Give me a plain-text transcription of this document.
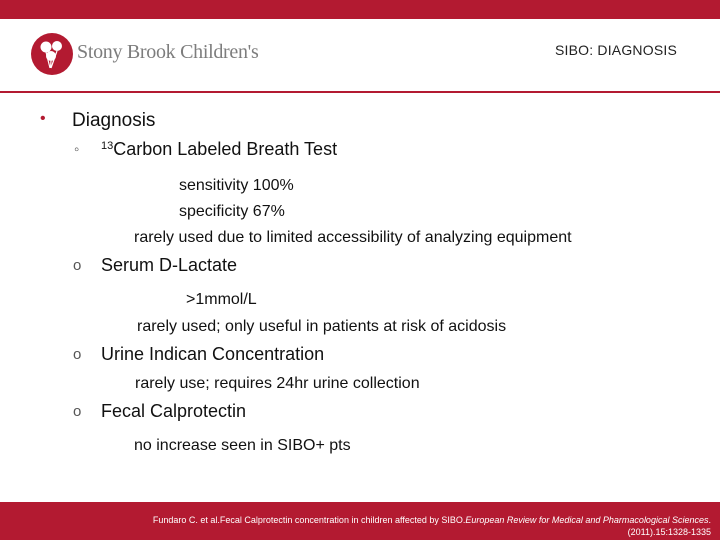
Stony Brook Children's	SIBO: DIAGNOSIS
• Diagnosis
◦ $^{13}$Carbon Labeled Breath Test
sensitivity 100%
specificity 67%
rarely used due to limited accessibility of analyzing equipment
o Serum D-Lactate
>1mmol/L
rarely used; only useful in patients at risk of acidosis
o Urine Indican Concentration
rarely use; requires 24hr urine collection
o Fecal Calprotectin
no increase seen in SIBO+ pts
Fundaro C. et al.Fecal Calprotectin concentration in children affected by SIBO.European Review for Medical and Pharmacological Sciences.(2011).15:1328-1335
